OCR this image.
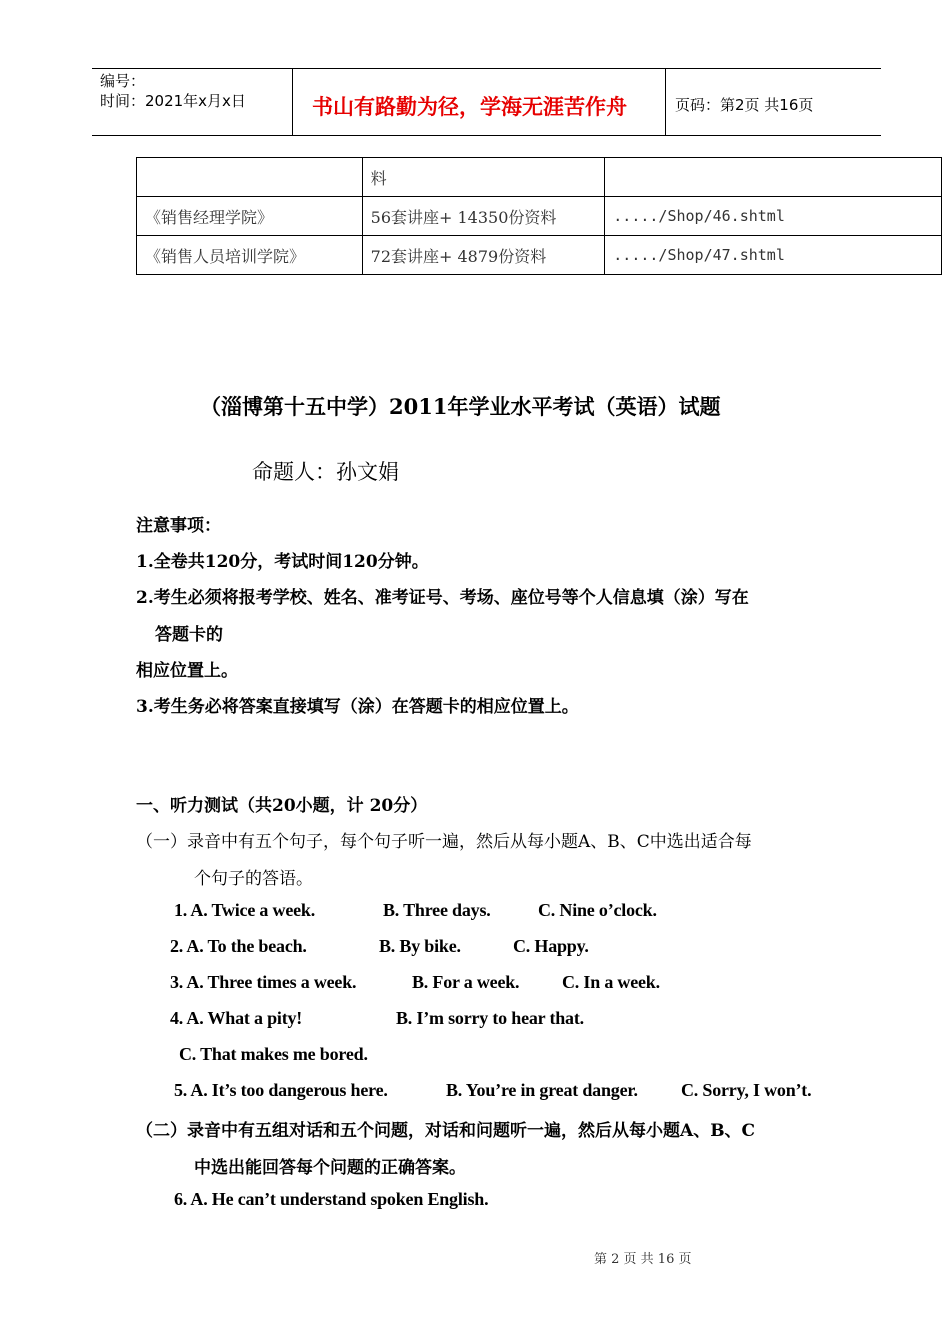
编号：
时间：2021年x月x日	书山有路勤为径，学海无涯苦作舟	页码：第2页 共16页
	料	
《销售经理学院》	56套讲座+ 14350份资料	...../Shop/46.shtml
《销售人员培训学院》	72套讲座+ 4879份资料	...../Shop/47.shtml
（淄博第十五中学）2011年学业水平考试（英语）试题
命题人：孙文娟
注意事项：
1.全卷共120分，考试时间120分钟。
2.考生必须将报考学校、姓名、准考证号、考场、座位号等个人信息填（涂）写在
答题卡的
相应位置上。
3.考生务必将答案直接填写（涂）在答题卡的相应位置上。
一、听力测试（共20小题，计 20分）
（一）录音中有五个句子，每个句子听一遍，然后从每小题A、B、C中选出适合每
个句子的答语。
1. A. Twice a week.	B. Three days.	C. Nine o’clock.
2. A. To the beach.	B. By bike.	C. Happy.
3. A. Three times a week.	B. For a week. C. In a week.
4. A. What a pity!	B. I’m sorry to hear that.
C. That makes me bored.
5. A. It’s too dangerous here.	B. You’re in great danger. C. Sorry, I won’t.
（二）录音中有五组对话和五个问题，对话和问题听一遍，然后从每小题A、B、C
中选出能回答每个问题的正确答案。
6. A. He can’t understand spoken English.
第 2 页 共 16 页
